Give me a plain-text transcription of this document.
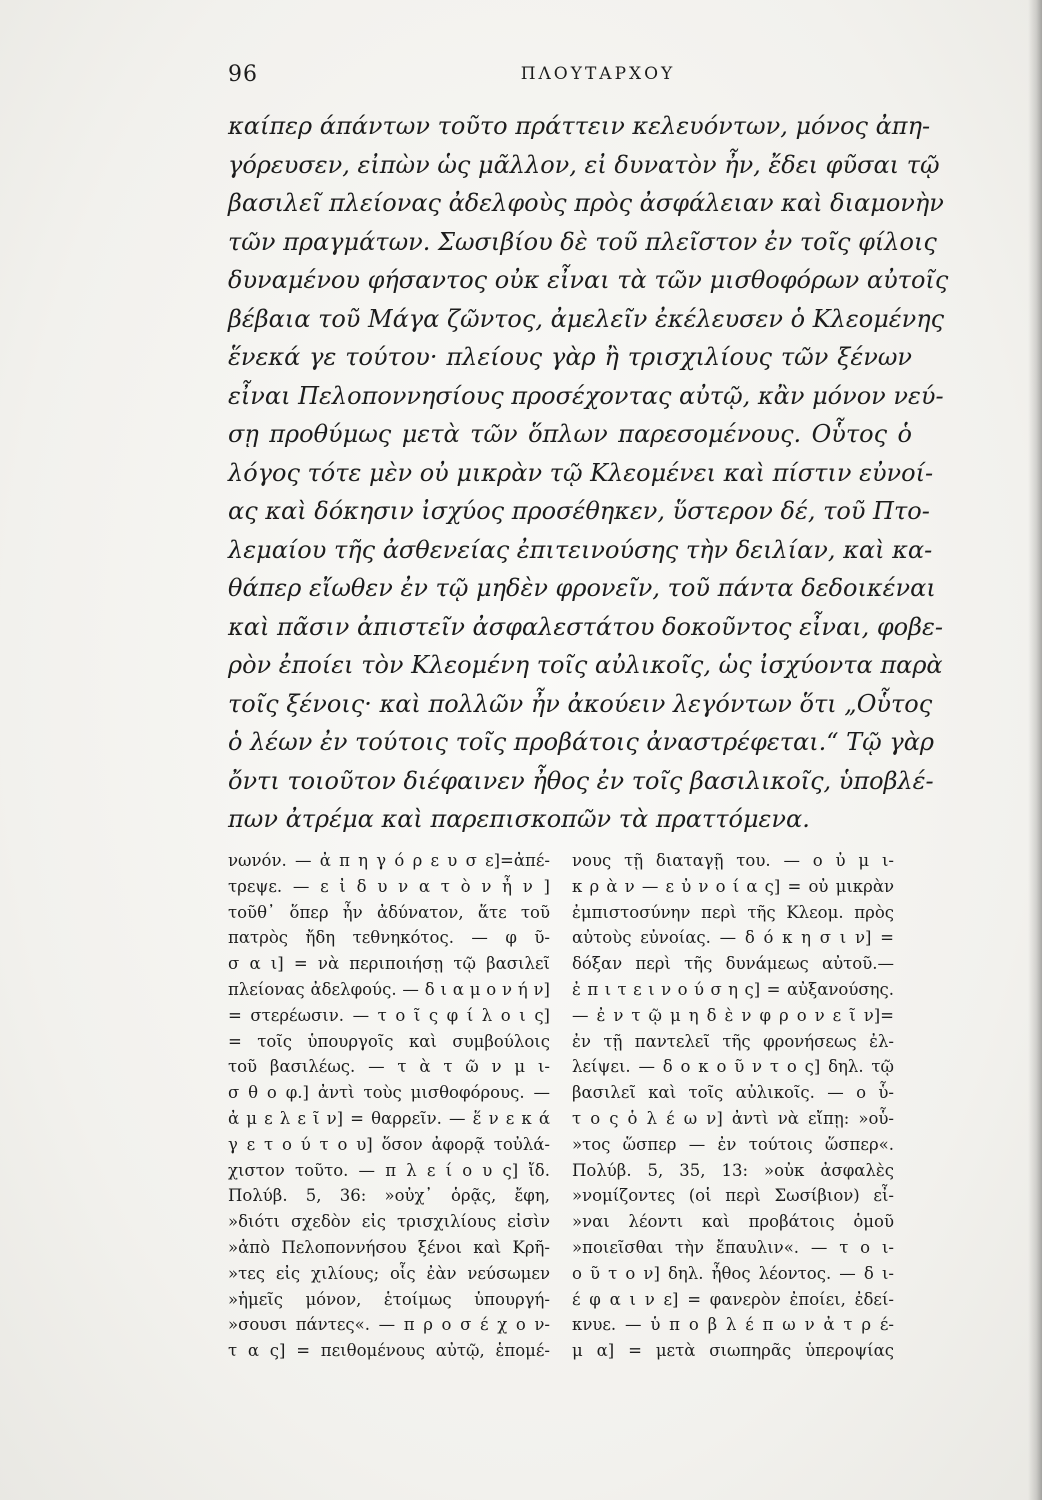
96	ΠΛΟΥΤΑΡΧΟΥ
καίπερ άπάντων τοῦτο πράττειν κελευόντων, μόνος ἀπη-
γόρευσεν, εἰπὼν ὡς μᾶλλον, εἰ δυνατὸν ἦν, ἔδει φῦσαι τῷ
βασιλεῖ πλείονας ἀδελφοὺς πρὸς ἀσφάλειαν καὶ διαμονὴν
τῶν πραγμάτων. Σωσιβίου δὲ τοῦ πλεῖστον ἐν τοῖς φίλοις
δυναμένου φήσαντος οὐκ εἶναι τὰ τῶν μισθοφόρων αὐτοῖς
βέβαια τοῦ Μάγα ζῶντος, ἀμελεῖν ἐκέλευσεν ὁ Κλεομένης
ἕνεκά γε τούτου· πλείους γὰρ ἢ τρισχιλίους τῶν ξένων
εἶναι Πελοποννησίους προσέχοντας αὐτῷ, κἂν μόνον νεύ-
σῃ προθύμως μετὰ τῶν ὅπλων παρεσομένους. Οὗτος ὁ
λόγος τότε μὲν οὐ μικρὰν τῷ Κλεομένει καὶ πίστιν εὐνοί-
ας καὶ δόκησιν ἰσχύος προσέθηκεν, ὕστερον δέ, τοῦ Πτο-
λεμαίου τῆς ἀσθενείας ἐπιτεινούσης τὴν δειλίαν, καὶ κα-
θάπερ εἴωθεν ἐν τῷ μηδὲν φρονεῖν, τοῦ πάντα δεδοικέναι
καὶ πᾶσιν ἀπιστεῖν ἀσφαλεστάτου δοκοῦντος εἶναι, φοβε-
ρὸν ἐποίει τὸν Κλεομένη τοῖς αὐλικοῖς, ὡς ἰσχύοντα παρὰ
τοῖς ξένοις· καὶ πολλῶν ἦν ἀκούειν λεγόντων ὅτι „Οὗτος
ὁ λέων ἐν τούτοις τοῖς προβάτοις ἀναστρέφεται.“ Τῷ γὰρ
ὄντι τοιοῦτον διέφαινεν ἦθος ἐν τοῖς βασιλικοῖς, ὑποβλέ-
πων ἀτρέμα καὶ παρεπισκοπῶν τὰ πραττόμενα.
νωνόν. — ἀ π η γ ό ρ ε υ σ ε]=ἀπέ-
τρεψε. — ε ἰ δ υ ν α τ ὸ ν ἦ ν ]
τοῦθ᾽ ὅπερ ἦν ἀδύνατον, ἅτε τοῦ
πατρὸς ἤδη τεθνηκότος. — φ ῦ-
σ α ι] = νὰ περιποιήσῃ τῷ βασιλεῖ
πλείονας ἀδελφούς. — δ ι α μ ο ν ή ν]
= στερέωσιν. — τ ο ῖ ς φ ί λ ο ι ς]
= τοῖς ὑπουργοῖς καὶ συμβούλοις
τοῦ βασιλέως. — τ ὰ τ ῶ ν μ ι-
σ θ ο φ.] ἀντὶ τοὺς μισθοφόρους. —
ἀ μ ε λ ε ῖ ν] = θαρρεῖν. — ἕ ν ε κ ά
γ ε τ ο ύ τ ο υ] ὅσον ἀφορᾷ τοὐλά-
χιστον τοῦτο. — π λ ε ί ο υ ς] ἴδ.
Πολύβ. 5, 36: »οὐχ᾽ ὁρᾷς, ἔφη,
»διότι σχεδὸν εἰς τρισχιλίους εἰσὶν
»ἀπὸ Πελοποννήσου ξένοι καὶ Κρῆ-
»τες εἰς χιλίους; οἷς ἐὰν νεύσωμεν
»ἡμεῖς μόνον, ἑτοίμως ὑπουργή-
»σουσι πάντες«. — π ρ ο σ έ χ ο ν-
τ α ς] = πειθομένους αὐτῷ, ἑπομέ-
νους τῇ διαταγῇ του. — ο ὐ μ ι-
κ ρ ὰ ν — ε ὐ ν ο ί α ς] = οὐ μικρὰν
ἐμπιστοσύνην περὶ τῆς Κλεομ. πρὸς
αὐτοὺς εὐνοίας. — δ ό κ η σ ι ν] =
δόξαν περὶ τῆς δυνάμεως αὐτοῦ.—
ἐ π ι τ ε ι ν ο ύ σ η ς] = αὐξανούσης.
— ἐ ν τ ῷ μ η δ ὲ ν φ ρ ο ν ε ῖ ν]=
ἐν τῇ παντελεῖ τῆς φρονήσεως ἐλ-
λείψει. — δ ο κ ο ῦ ν τ ο ς] δηλ. τῷ
βασιλεῖ καὶ τοῖς αὐλικοῖς. — ο ὗ-
τ ο ς ὁ λ έ ω ν] ἀντὶ νὰ εἴπῃ: »οὗ-
»τος ὥσπερ — ἐν τούτοις ὥσπερ«.
Πολύβ. 5, 35, 13: »οὐκ ἀσφαλὲς
»νομίζοντες (οἱ περὶ Σωσίβιον) εἶ-
»ναι λέοντι καὶ προβάτοις ὁμοῦ
»ποιεῖσθαι τὴν ἔπαυλιν«. — τ ο ι-
ο ῦ τ ο ν] δηλ. ἦθος λέοντος. — δ ι-
έ φ α ι ν ε] = φανερὸν ἐποίει, ἐδεί-
κνυε. — ὑ π ο β λ έ π ω ν ἀ τ ρ έ-
μ α] = μετὰ σιωπηρᾶς ὑπεροψίας
